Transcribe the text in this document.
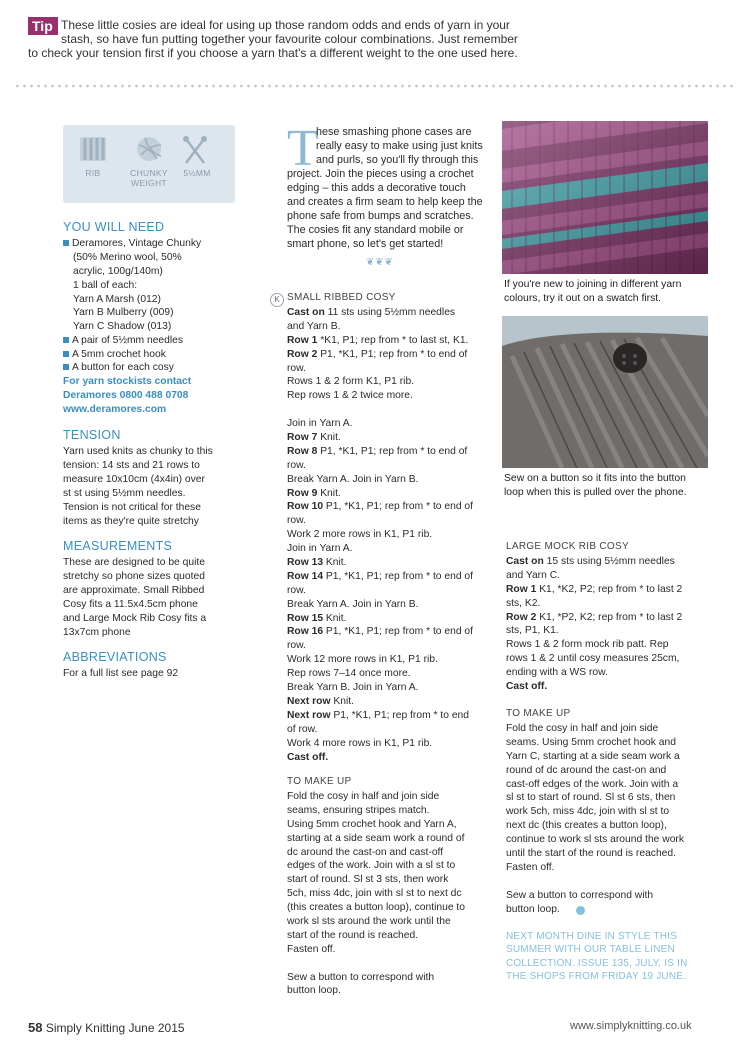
Tip These little cosies are ideal for using up those random odds and ends of yarn in your
stash, so have fun putting together your favourite colour combinations. Just remember
to check your tension first if you choose a yarn that's a different weight to the one used here.
RIB	CHUNKY
WEIGHT
5½MM
YOU WILL NEED
Deramores, Vintage Chunky
(50% Merino wool, 50%
acrylic, 100g/140m)
1 ball of each:
Yarn A Marsh (012)
Yarn B Mulberry (009)
Yarn C Shadow (013)
A pair of 5½mm needles
A 5mm crochet hook
A button for each cosy
For yarn stockists contact
Deramores 0800 488 0708
www.deramores.com
TENSION
Yarn used knits as chunky to this
tension: 14 sts and 21 rows to
measure 10x10cm (4x4in) over
st st using 5½mm needles.
Tension is not critical for these
items as they're quite stretchy
MEASUREMENTS
These are designed to be quite
stretchy so phone sizes quoted
are approximate. Small Ribbed
Cosy fits a 11.5x4.5cm phone
and Large Mock Rib Cosy fits a
13x7cm phone
ABBREVIATIONS
For a full list see page 92
T
hese smashing phone cases are
really easy to make using just knits
and purls, so you'll fly through this
project. Join the pieces using a crochet
edging – this adds a decorative touch
and creates a firm seam to help keep the
phone safe from bumps and scratches.
The cosies fit any standard mobile or
smart phone, so let's get started!
❦ ❦ ❦
K SMALL RIBBED COSY
Cast on 11 sts using 5½mm needles
and Yarn B.
Row 1 *K1, P1; rep from * to last st, K1.
Row 2 P1, *K1, P1; rep from * to end of
row.
Rows 1 & 2 form K1, P1 rib.
Rep rows 1 & 2 twice more.
Join in Yarn A.
Row 7 Knit.
Row 8 P1, *K1, P1; rep from * to end of
row.
Break Yarn A. Join in Yarn B.
Row 9 Knit.
Row 10 P1, *K1, P1; rep from * to end of
row.
Work 2 more rows in K1, P1 rib.
Join in Yarn A.
Row 13 Knit.
Row 14 P1, *K1, P1; rep from * to end of
row.
Break Yarn A. Join in Yarn B.
Row 15 Knit.
Row 16 P1, *K1, P1; rep from * to end of
row.
Work 12 more rows in K1, P1 rib.
Rep rows 7–14 once more.
Break Yarn B. Join in Yarn A.
Next row Knit.
Next row P1, *K1, P1; rep from * to end
of row.
Work 4 more rows in K1, P1 rib.
Cast off.
TO MAKE UP
Fold the cosy in half and join side
seams, ensuring stripes match.
Using 5mm crochet hook and Yarn A,
starting at a side seam work a round of
dc around the cast-on and cast-off
edges of the work. Join with a sl st to
start of round. Sl st 3 sts, then work
5ch, miss 4dc, join with sl st to next dc
(this creates a button loop), continue to
work sl sts around the work until the
start of the round is reached.
Fasten off.
Sew a button to correspond with
button loop.
If you're new to joining in different yarn
colours, try it out on a swatch first.
Sew on a button so it fits into the button
loop when this is pulled over the phone.
LARGE MOCK RIB COSY
Cast on 15 sts using 5½mm needles
and Yarn C.
Row 1 K1, *K2, P2; rep from * to last 2
sts, K2.
Row 2 K1, *P2, K2; rep from * to last 2
sts, P1, K1.
Rows 1 & 2 form mock rib patt. Rep
rows 1 & 2 until cosy measures 25cm,
ending with a WS row.
Cast off.
TO MAKE UP
Fold the cosy in half and join side
seams. Using 5mm crochet hook and
Yarn C, starting at a side seam work a
round of dc around the cast-on and
cast-off edges of the work. Join with a
sl st to start of round. Sl st 6 sts, then
work 5ch, miss 4dc, join with sl st to
next dc (this creates a button loop),
continue to work sl sts around the work
until the start of the round is reached.
Fasten off.
Sew a button to correspond with
button loop.
NEXT MONTH DINE IN STYLE THIS
SUMMER WITH OUR TABLE LINEN
COLLECTION. ISSUE 135, JULY, IS IN
THE SHOPS FROM FRIDAY 19 JUNE.
58 Simply Knitting June 2015	www.simplyknitting.co.uk
